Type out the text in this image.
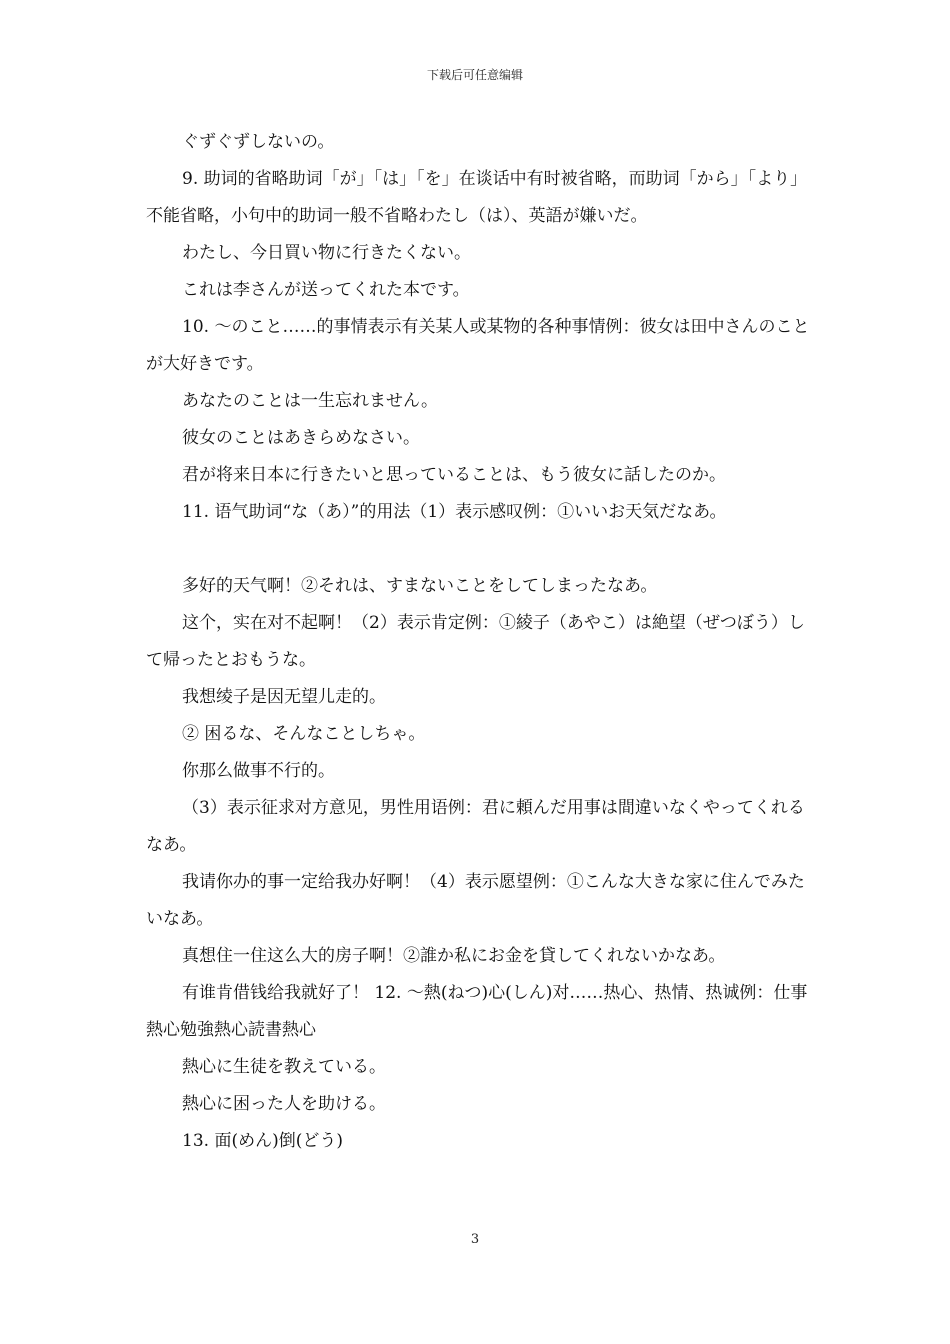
下载后可任意编辑

ぐずぐずしないの。

9. 助词的省略助词「が」「は」「を」在谈话中有时被省略，而助词「から」「より」不能省略，小句中的助词一般不省略わたし（は）、英語が嫌いだ。

わたし、今日買い物に行きたくない。

これは李さんが送ってくれた本です。

10. ～のこと……的事情表示有关某人或某物的各种事情例：彼女は田中さんのことが大好きです。

あなたのことは一生忘れません。

彼女のことはあきらめなさい。

君が将来日本に行きたいと思っていることは、もう彼女に話したのか。

11. 语气助词“な（あ）”的用法（1）表示感叹例：①いいお天気だなあ。

多好的天气啊！②それは、すまないことをしてしまったなあ。

这个，实在对不起啊！（2）表示肯定例：①綾子（あやこ）は絶望（ぜつぼう）して帰ったとおもうな。

我想绫子是因无望儿走的。

② 困るな、そんなことしちゃ。

你那么做事不行的。

（3）表示征求对方意见，男性用语例：君に頼んだ用事は間違いなくやってくれるなあ。

我请你办的事一定给我办好啊！（4）表示愿望例：①こんな大きな家に住んでみたいなあ。

真想住一住这么大的房子啊！②誰か私にお金を貸してくれないかなあ。

有谁肯借钱给我就好了！ 12. ～熱(ねつ)心(しん)对……热心、热情、热诚例：仕事熱心勉強熱心読書熱心

熱心に生徒を教えている。

熱心に困った人を助ける。

13. 面(めん)倒(どう)

3
